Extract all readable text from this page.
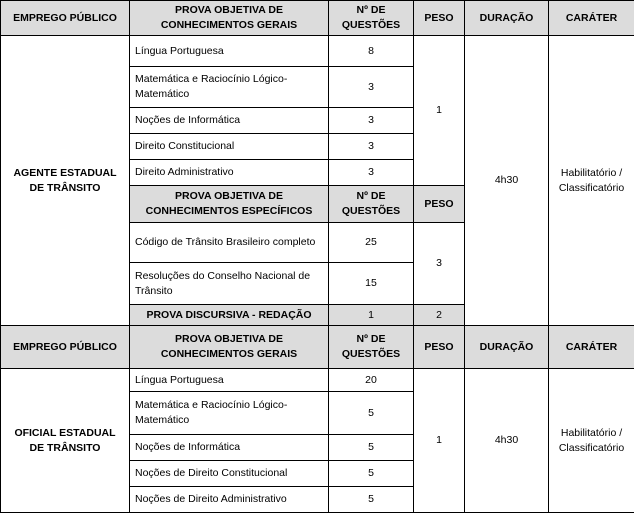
EMPREGO PÚBLICO	PROVA OBJETIVA DE CONHECIMENTOS GERAIS	Nº DE QUESTÕES	PESO	DURAÇÃO	CARÁTER
AGENTE ESTADUAL DE TRÂNSITO	Língua Portuguesa	8	1	4h30	Habilitatório / Classificatório
	Matemática e Raciocínio Lógico-Matemático	3			
	Noções de Informática	3			
	Direito Constitucional	3			
	Direito Administrativo	3			
	PROVA OBJETIVA DE CONHECIMENTOS ESPECÍFICOS	Nº DE QUESTÕES	PESO		
	Código de Trânsito Brasileiro completo	25	3		
	Resoluções do Conselho Nacional de Trânsito	15			
	PROVA DISCURSIVA - REDAÇÃO	1	2		

EMPREGO PÚBLICO	PROVA OBJETIVA DE CONHECIMENTOS GERAIS	Nº DE QUESTÕES	PESO	DURAÇÃO	CARÁTER
OFICIAL ESTADUAL DE TRÂNSITO	Língua Portuguesa	20	1	4h30	Habilitatório / Classificatório
	Matemática e Raciocínio Lógico-Matemático	5			
	Noções de Informática	5			
	Noções de Direito Constitucional	5			
	Noções de Direito Administrativo	5			
